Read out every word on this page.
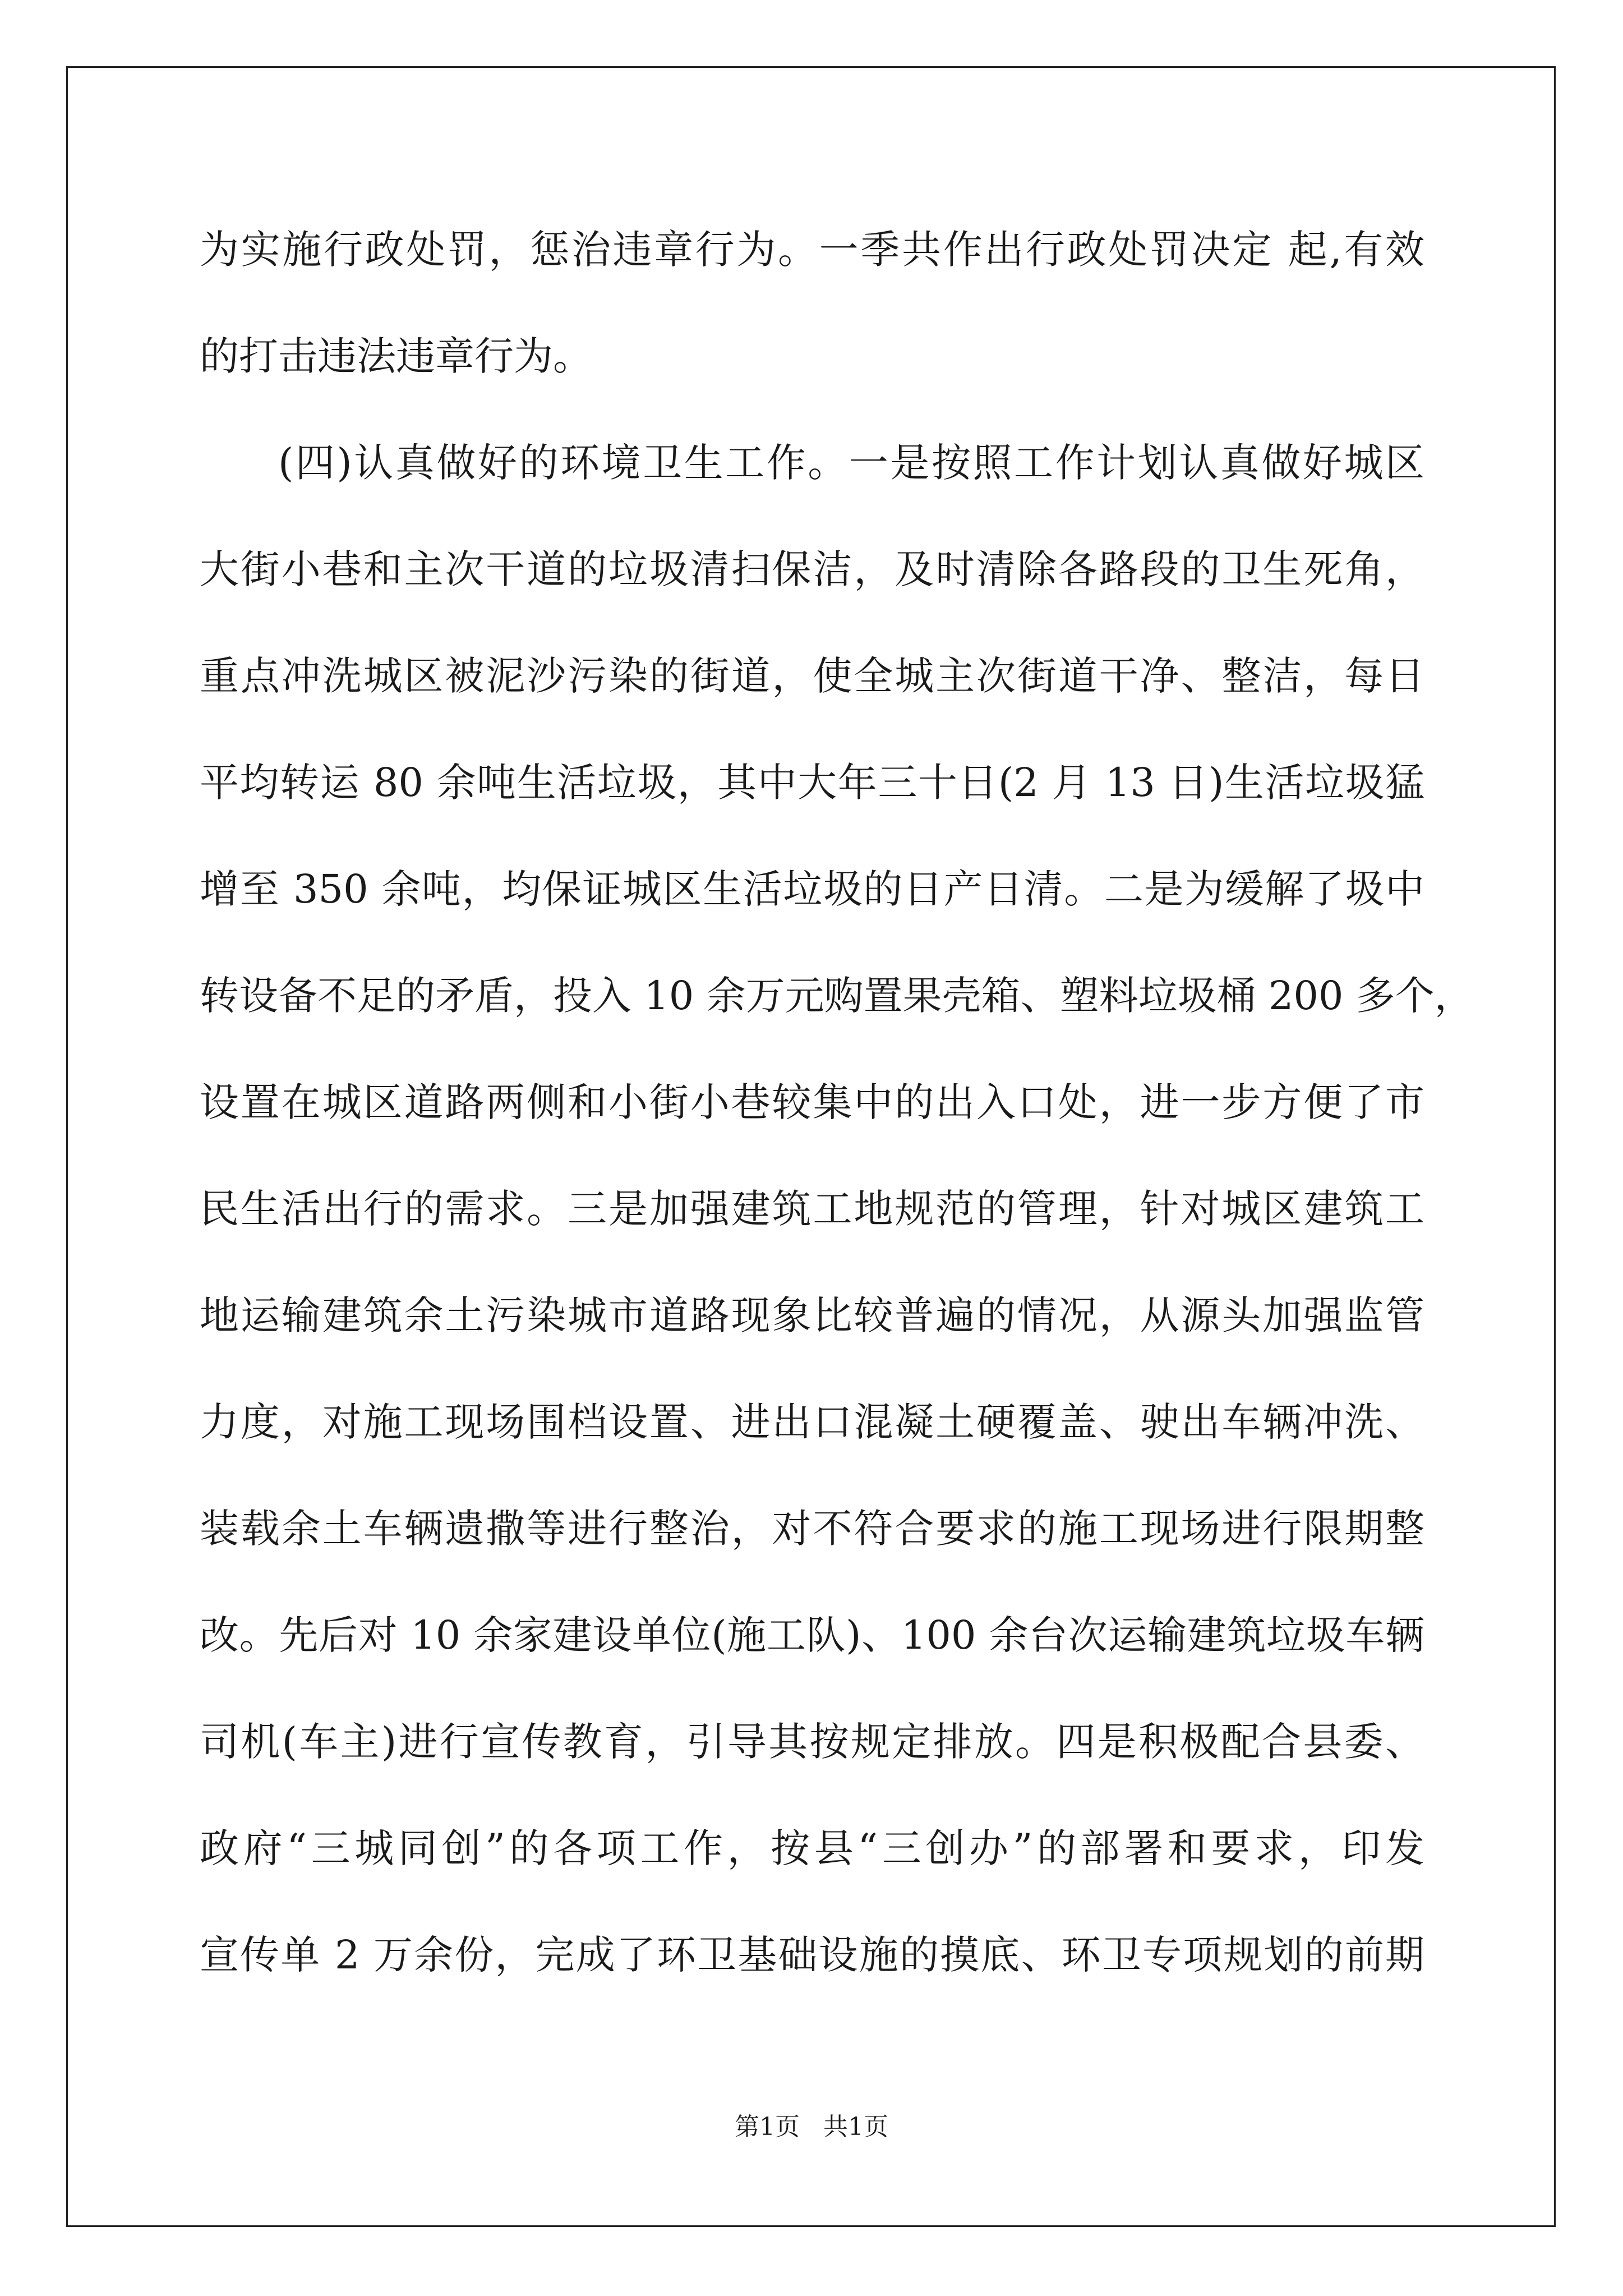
为实施行政处罚，惩治违章行为。一季共作出行政处罚决定 起,有效
的打击违法违章行为。
(四)认真做好的环境卫生工作。一是按照工作计划认真做好城区
大街小巷和主次干道的垃圾清扫保洁，及时清除各路段的卫生死角，
重点冲洗城区被泥沙污染的街道，使全城主次街道干净、整洁，每日
平均转运 80 余吨生活垃圾，其中大年三十日(2 月 13 日)生活垃圾猛
增至 350 余吨，均保证城区生活垃圾的日产日清。二是为缓解了圾中
转设备不足的矛盾，投入 10 余万元购置果壳箱、塑料垃圾桶 200 多个，
设置在城区道路两侧和小街小巷较集中的出入口处，进一步方便了市
民生活出行的需求。三是加强建筑工地规范的管理，针对城区建筑工
地运输建筑余土污染城市道路现象比较普遍的情况，从源头加强监管
力度，对施工现场围档设置、进出口混凝土硬覆盖、驶出车辆冲洗、
装载余土车辆遗撒等进行整治，对不符合要求的施工现场进行限期整
改。先后对 10 余家建设单位(施工队)、100 余台次运输建筑垃圾车辆
司机(车主)进行宣传教育，引导其按规定排放。四是积极配合县委、
政府“三城同创”的各项工作，按县“三创办”的部署和要求，印发
宣传单 2 万余份，完成了环卫基础设施的摸底、环卫专项规划的前期
第1页 共1页
